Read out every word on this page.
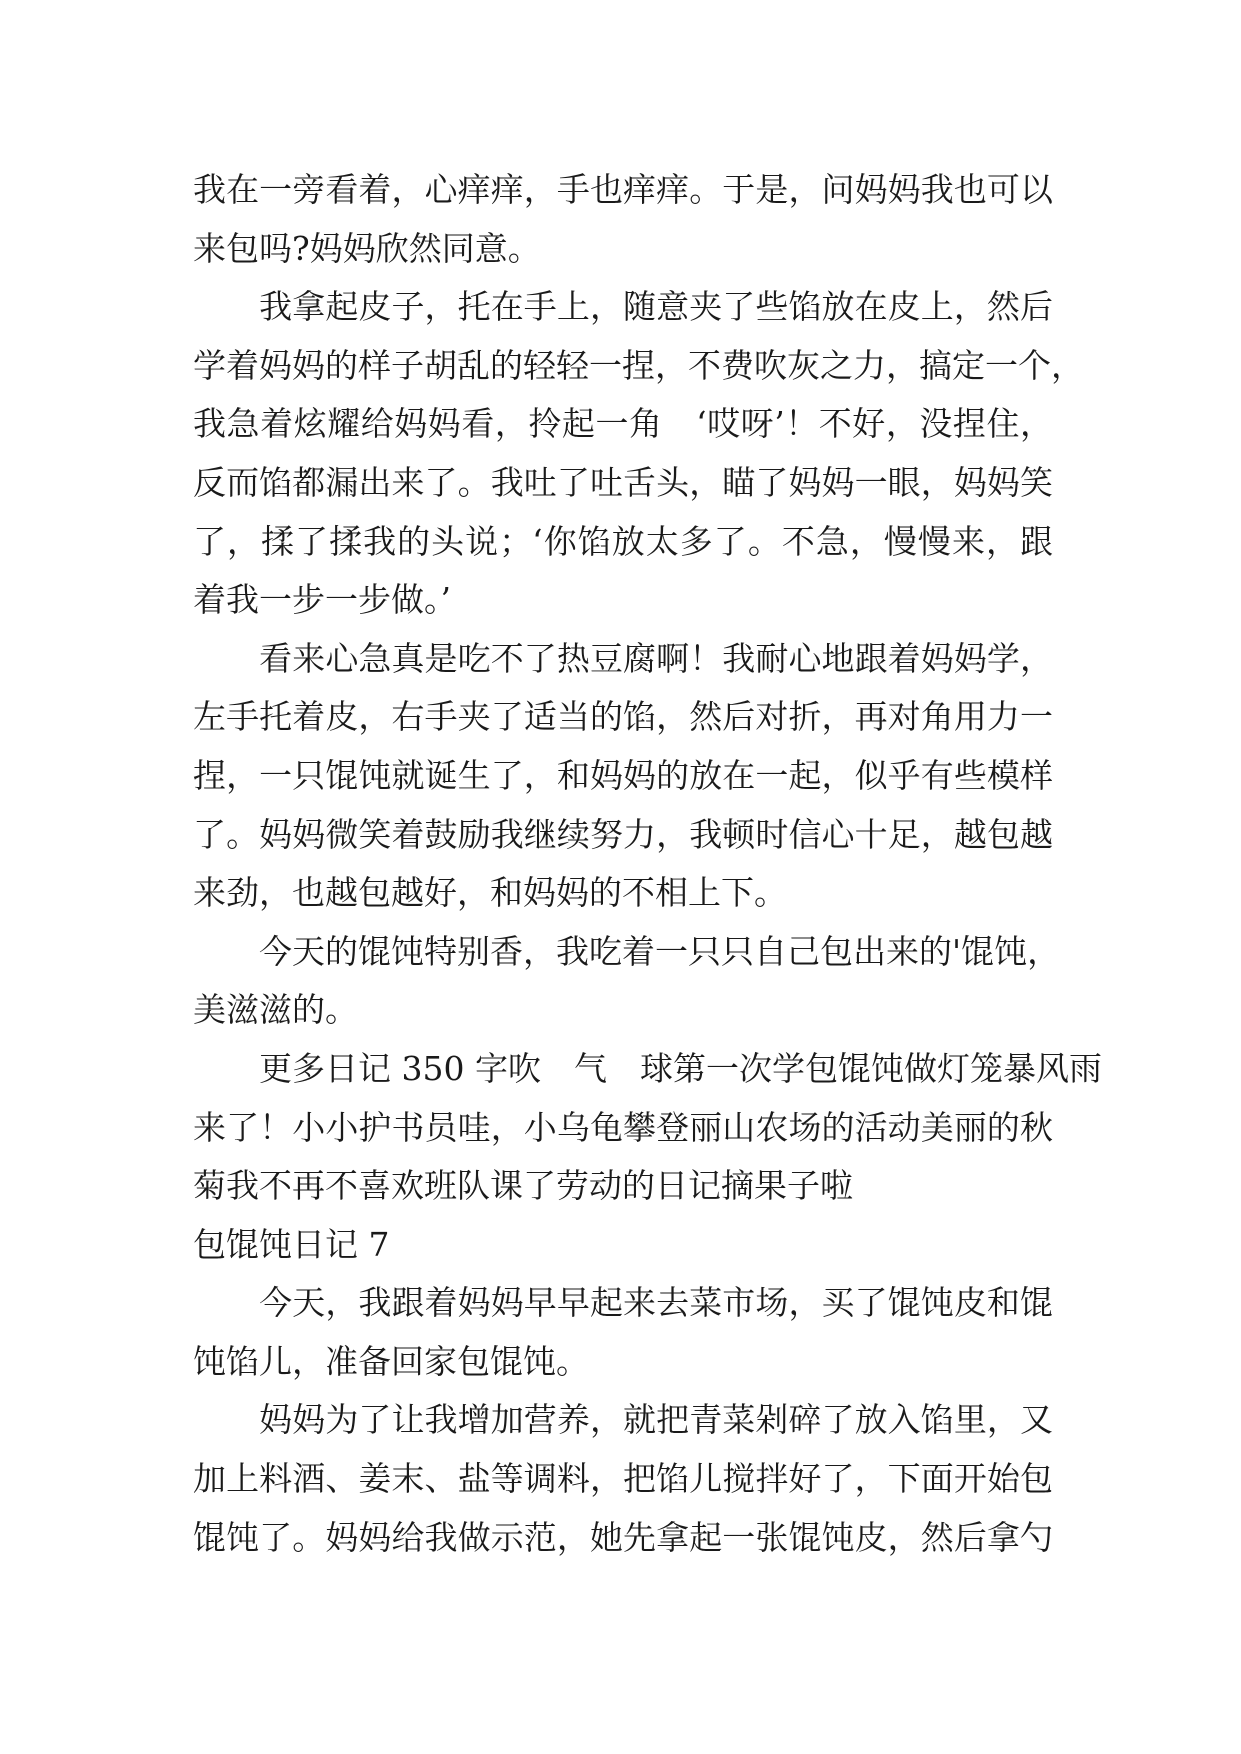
我在一旁看着，心痒痒，手也痒痒。于是，问妈妈我也可以
来包吗?妈妈欣然同意。
　　我拿起皮子，托在手上，随意夹了些馅放在皮上，然后
学着妈妈的样子胡乱的轻轻一捏，不费吹灰之力，搞定一个，
我急着炫耀给妈妈看，拎起一角　‘哎呀’！不好，没捏住，
反而馅都漏出来了。我吐了吐舌头，瞄了妈妈一眼，妈妈笑
了，揉了揉我的头说；‘你馅放太多了。不急，慢慢来，跟
着我一步一步做。’
　　看来心急真是吃不了热豆腐啊！我耐心地跟着妈妈学，
左手托着皮，右手夹了适当的馅，然后对折，再对角用力一
捏，一只馄饨就诞生了，和妈妈的放在一起，似乎有些模样
了。妈妈微笑着鼓励我继续努力，我顿时信心十足，越包越
来劲，也越包越好，和妈妈的不相上下。
　　今天的馄饨特别香，我吃着一只只自己包出来的'馄饨，
美滋滋的。
　　更多日记 350 字吹　气　球第一次学包馄饨做灯笼暴风雨
来了！小小护书员哇，小乌龟攀登丽山农场的活动美丽的秋
菊我不再不喜欢班队课了劳动的日记摘果子啦
包馄饨日记 7
　　今天，我跟着妈妈早早起来去菜市场，买了馄饨皮和馄
饨馅儿，准备回家包馄饨。
　　妈妈为了让我增加营养，就把青菜剁碎了放入馅里，又
加上料酒、姜末、盐等调料，把馅儿搅拌好了，下面开始包
馄饨了。妈妈给我做示范，她先拿起一张馄饨皮，然后拿勺
